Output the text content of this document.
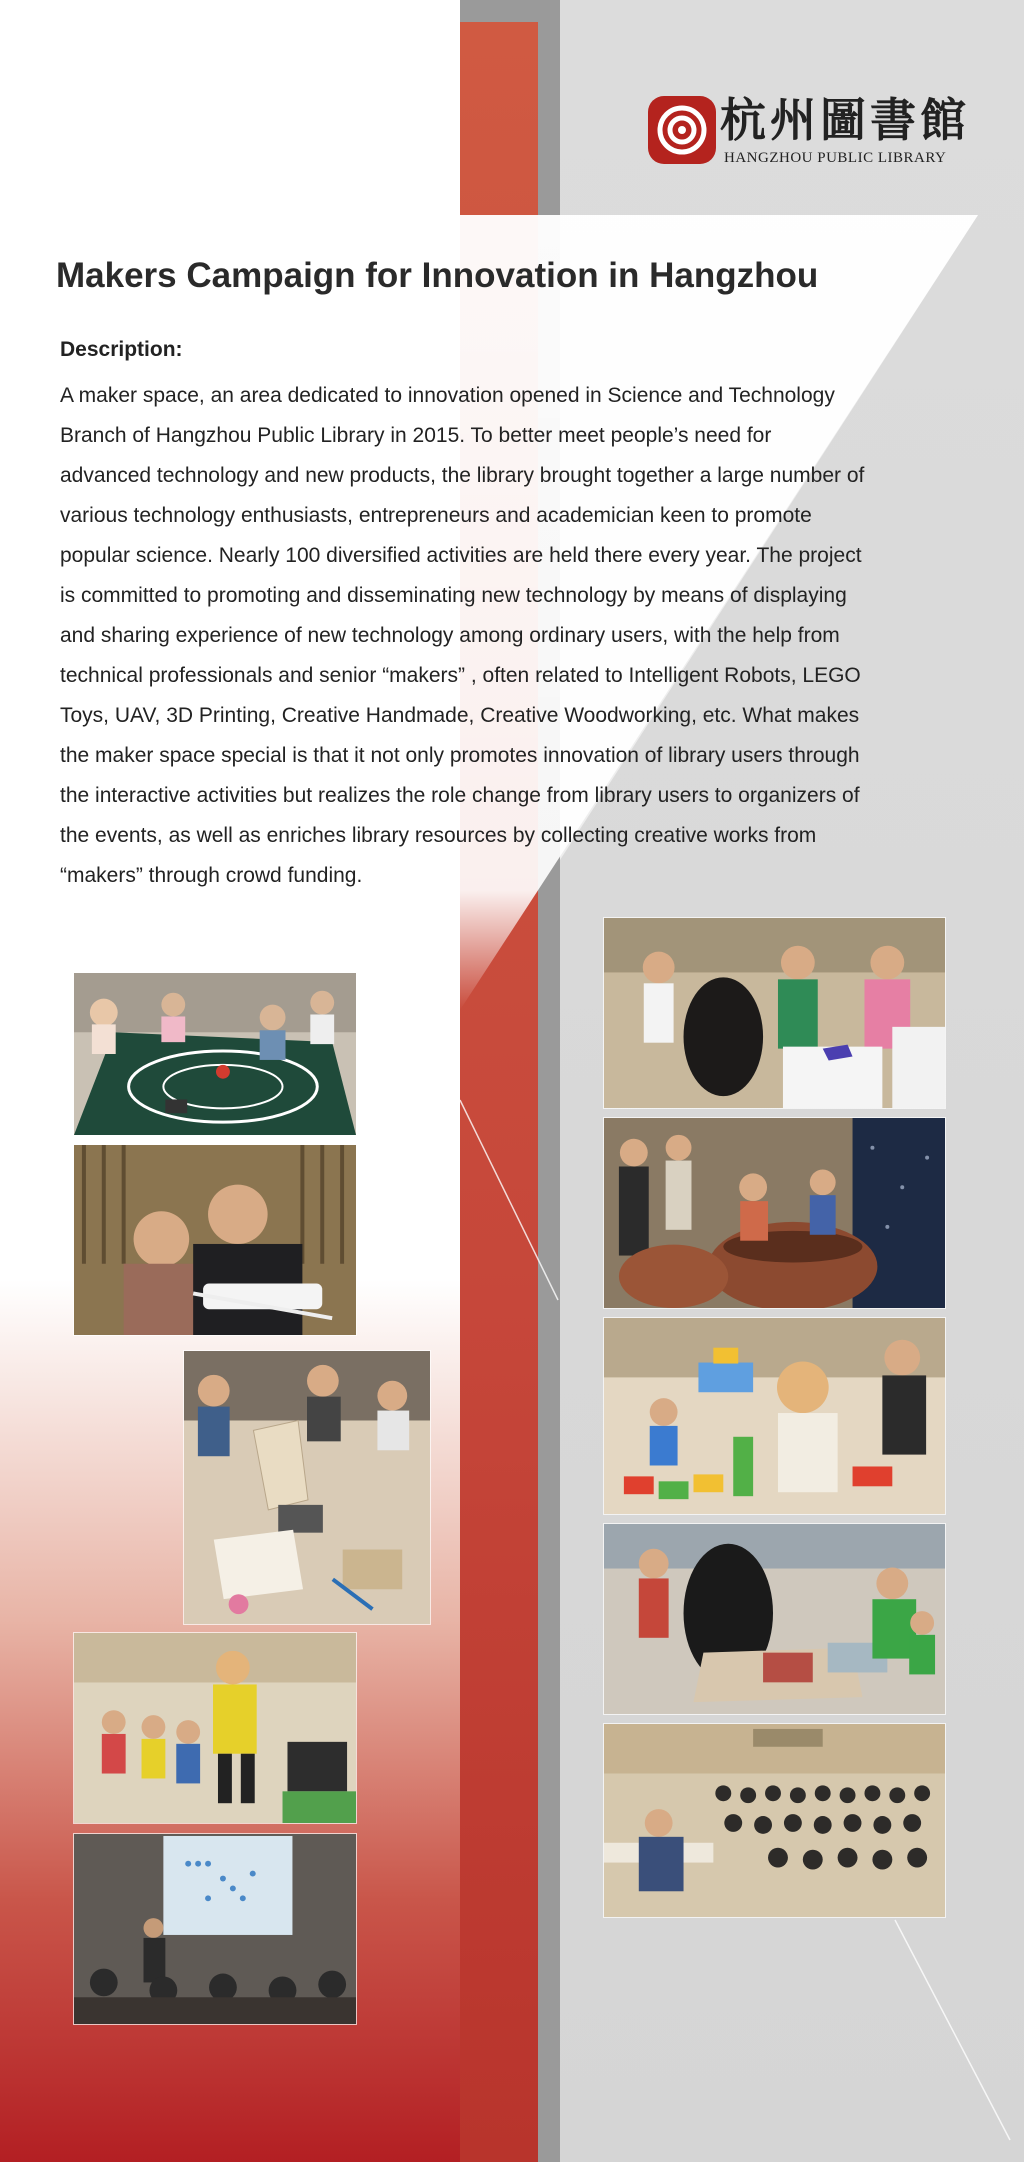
杭州圖書館
HANGZHOU PUBLIC LIBRARY
Makers Campaign for Innovation in Hangzhou
Description:
A maker space, an area dedicated to innovation opened in Science and Technology
Branch of Hangzhou Public Library in 2015. To better meet people’s need for
advanced technology and new products, the library brought together a large number of
various technology enthusiasts, entrepreneurs and academician keen to promote
popular science. Nearly 100 diversified activities are held there every year. The project
is committed to promoting and disseminating new technology by means of displaying
and sharing experience of new technology among ordinary users, with the help from
technical professionals and senior “makers” , often related to Intelligent Robots, LEGO
Toys, UAV, 3D Printing, Creative Handmade, Creative Woodworking, etc. What makes
the maker space special is that it not only promotes innovation of library users through
the interactive activities but realizes the role change from library users to organizers of
the events, as well as enriches library resources by collecting creative works from
“makers” through crowd funding.
